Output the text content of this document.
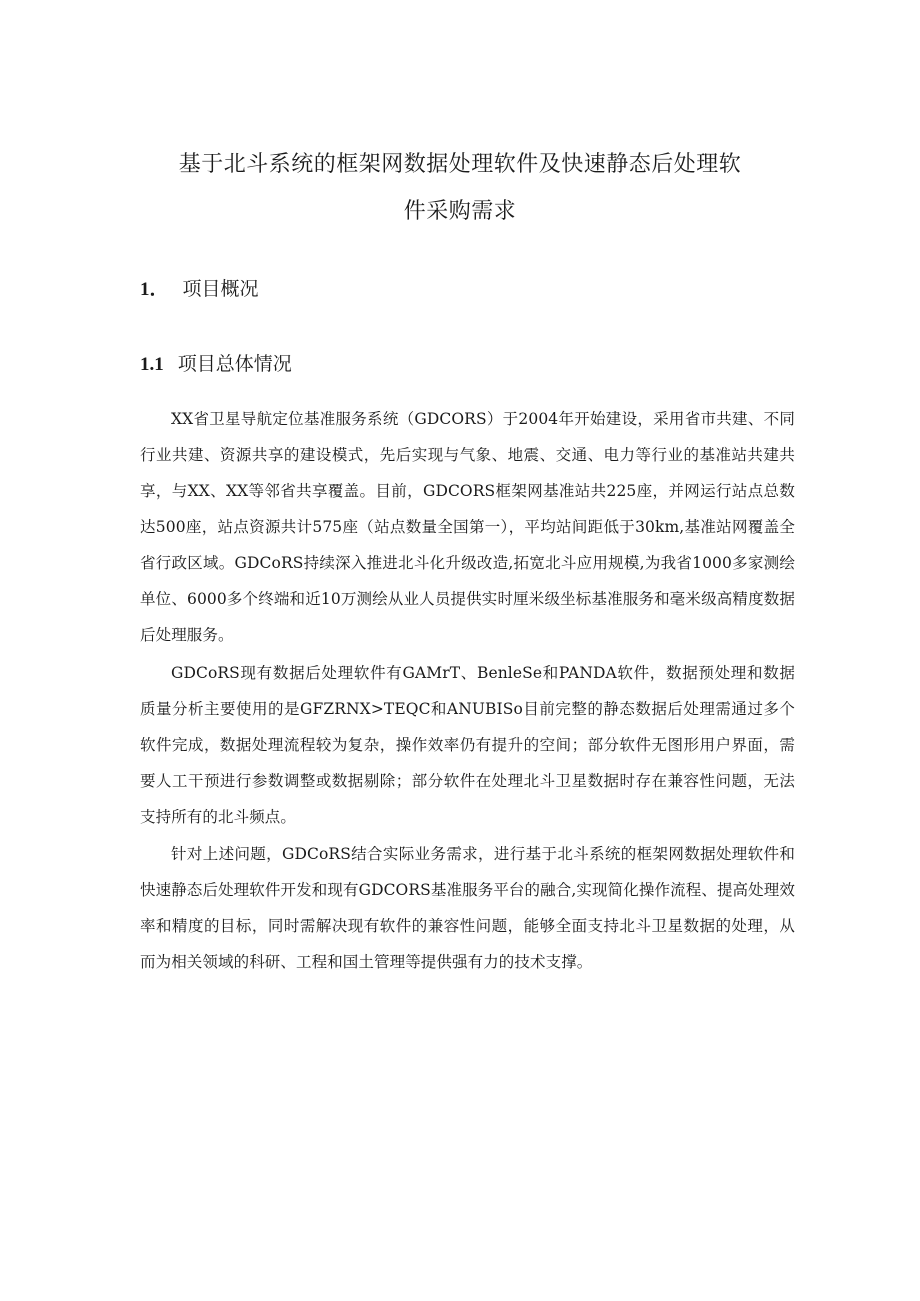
基于北斗系统的框架网数据处理软件及快速静态后处理软
件采购需求
1． 项目概况
1.1 项目总体情况

XX省卫星导航定位基准服务系统（GDCORS）于2004年开始建设，采用省市共建、不同行业共建、资源共享的建设模式，先后实现与气象、地震、交通、电力等行业的基准站共建共享，与XX、XX等邻省共享覆盖。目前，GDCORS框架网基准站共225座，并网运行站点总数达500座，站点资源共计575座（站点数量全国第一），平均站间距低于30km,基准站网覆盖全省行政区域。GDCoRS持续深入推进北斗化升级改造,拓宽北斗应用规模,为我省1000多家测绘单位、6000多个终端和近10万测绘从业人员提供实时厘米级坐标基准服务和毫米级高精度数据后处理服务。

GDCoRS现有数据后处理软件有GAMrT、BenleSe和PANDA软件，数据预处理和数据质量分析主要使用的是GFZRNX>TEQC和ANUBISo目前完整的静态数据后处理需通过多个软件完成，数据处理流程较为复杂，操作效率仍有提升的空间；部分软件无图形用户界面，需要人工干预进行参数调整或数据剔除；部分软件在处理北斗卫星数据时存在兼容性问题，无法支持所有的北斗频点。

针对上述问题，GDCoRS结合实际业务需求，进行基于北斗系统的框架网数据处理软件和快速静态后处理软件开发和现有GDCORS基准服务平台的融合,实现简化操作流程、提高处理效率和精度的目标，同时需解决现有软件的兼容性问题，能够全面支持北斗卫星数据的处理，从而为相关领域的科研、工程和国土管理等提供强有力的技术支撑。
